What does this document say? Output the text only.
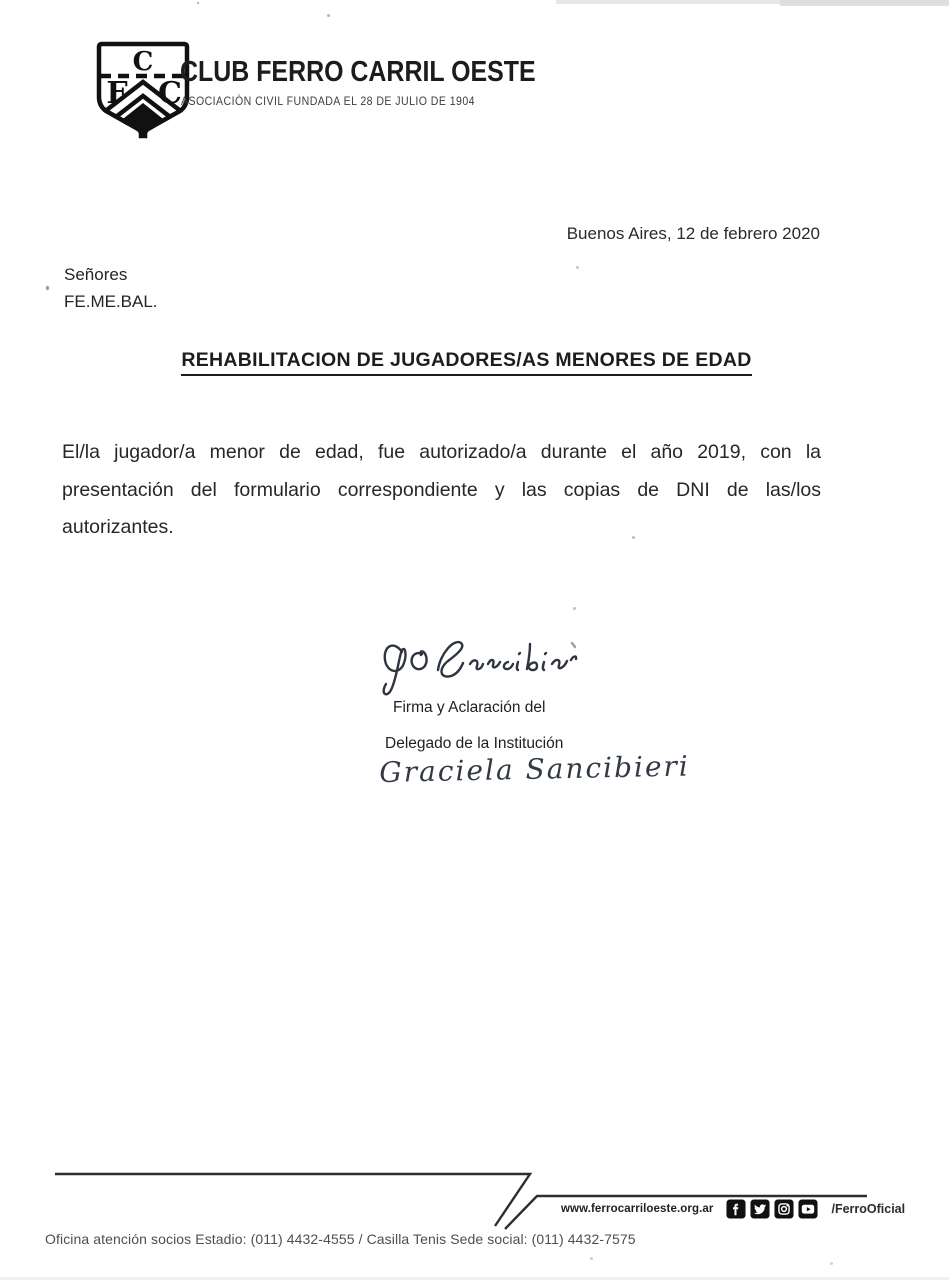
C
F C
CLUB FERRO CARRIL OESTE
ASOCIACIÓN CIVIL FUNDADA EL 28 DE JULIO DE 1904
Buenos Aires, 12 de febrero 2020
Señores
FE.ME.BAL.
REHABILITACION DE JUGADORES/AS MENORES DE EDAD
El/la jugador/a menor de edad, fue autorizado/a durante el año 2019, con la
presentación del formulario correspondiente y las copias de DNI de las/los
autorizantes.
Firma y Aclaración del
Delegado de la Institución
Graciela Sancibieri
www.ferrocarriloeste.org.ar	/FerroOficial
Oficina atención socios Estadio: (011) 4432-4555 / Casilla Tenis Sede social: (011) 4432-7575
